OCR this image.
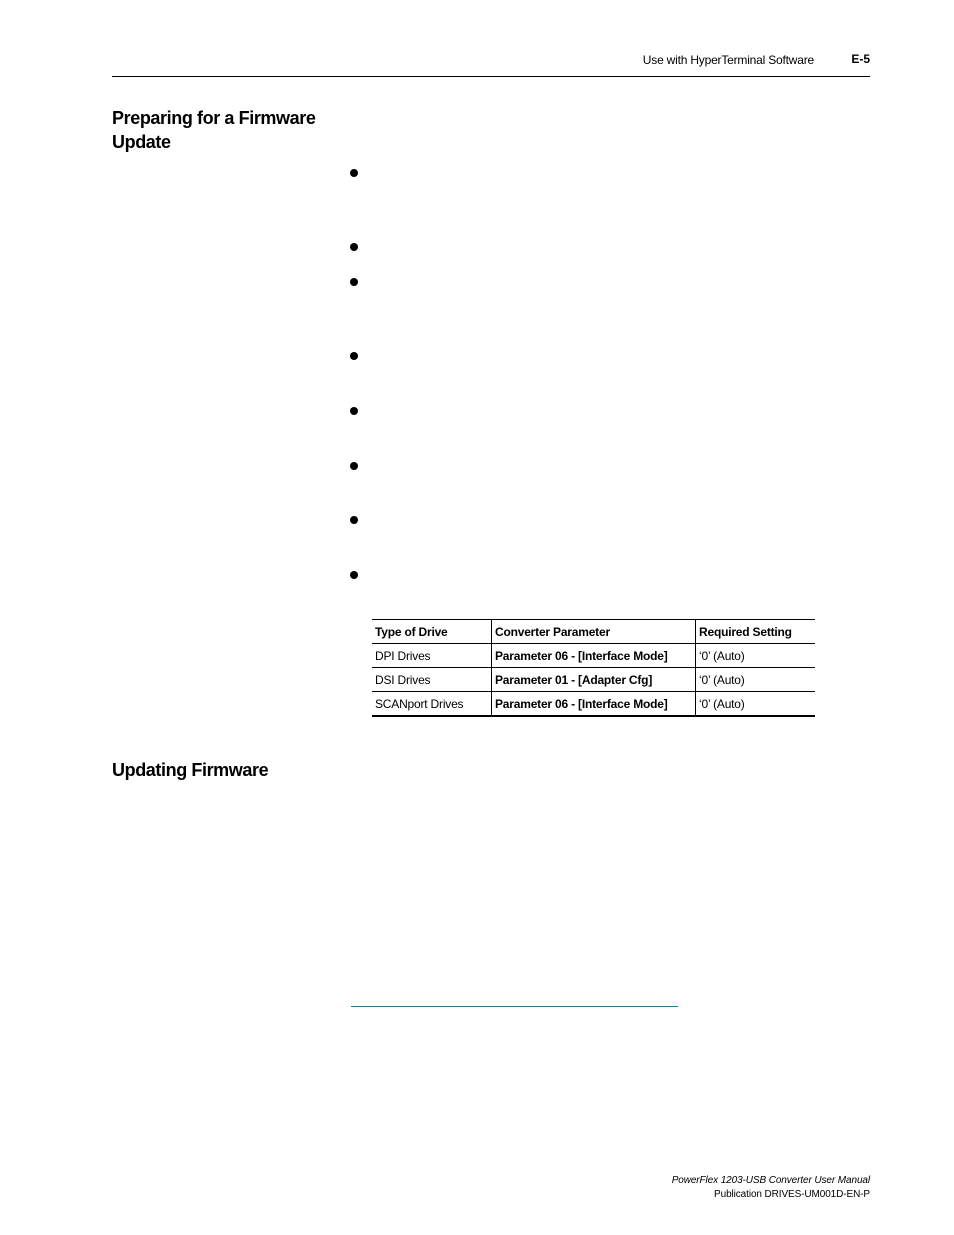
Use with HyperTerminal Software	E-5
Preparing for a Firmware Update
Type of Drive	Converter Parameter	Required Setting
DPI Drives	Parameter 06 - [Interface Mode]	‘0’ (Auto)
DSI Drives	Parameter 01 - [Adapter Cfg]	‘0’ (Auto)
SCANport Drives	Parameter 06 - [Interface Mode]	‘0’ (Auto)
Updating Firmware
PowerFlex 1203-USB Converter User Manual
Publication DRIVES-UM001D-EN-P
